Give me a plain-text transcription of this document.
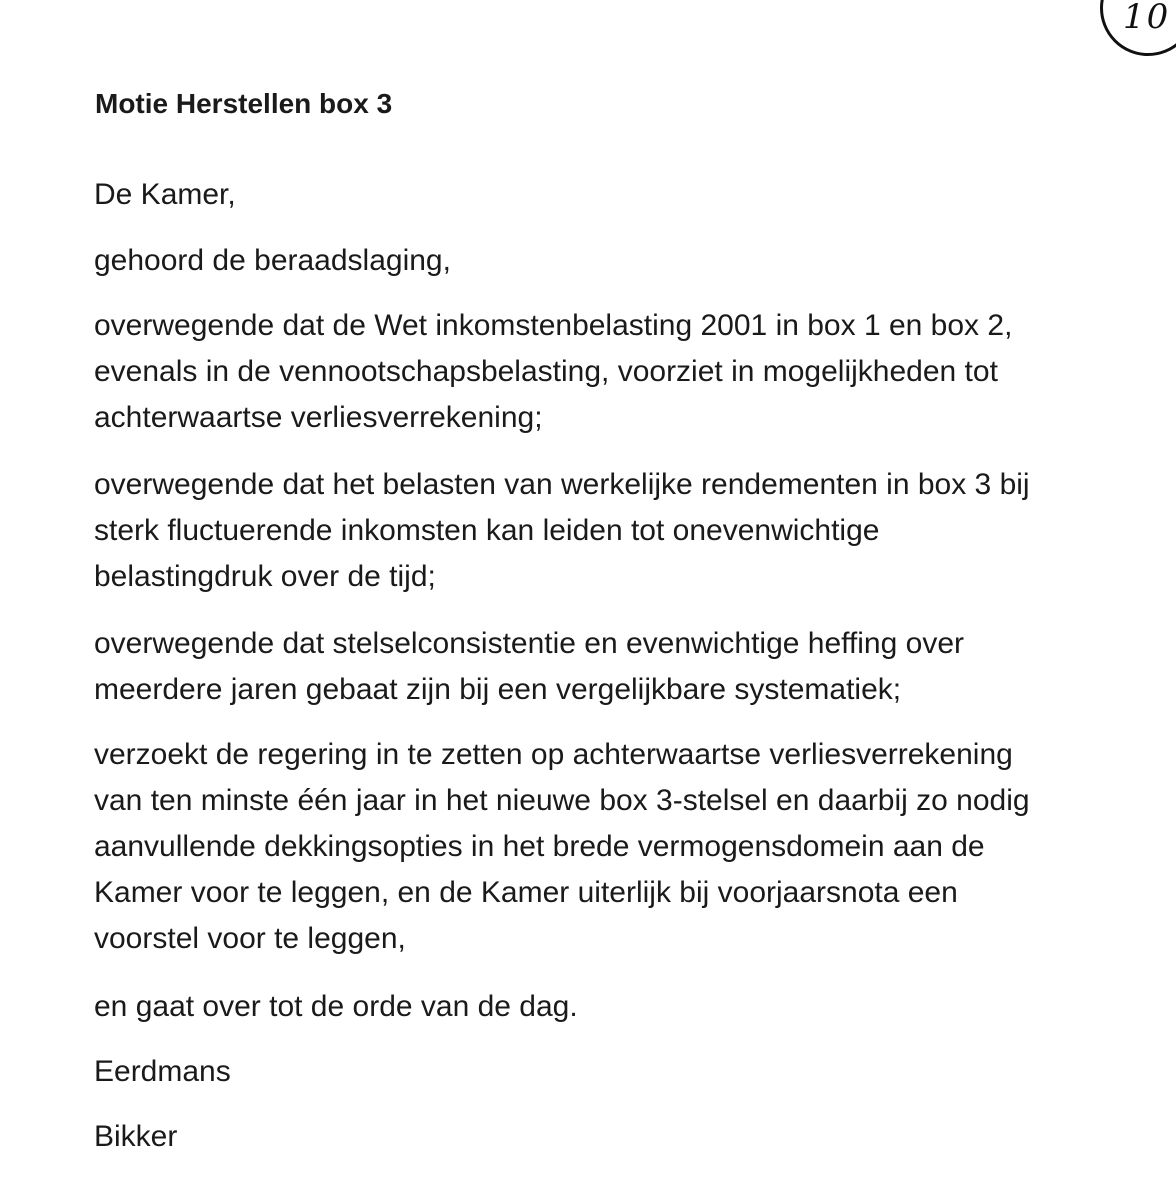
10
Motie Herstellen box 3

De Kamer,

gehoord de beraadslaging,

overwegende dat de Wet inkomstenbelasting 2001 in box 1 en box 2,
evenals in de vennootschapsbelasting, voorziet in mogelijkheden tot
achterwaartse verliesverrekening;

overwegende dat het belasten van werkelijke rendementen in box 3 bij
sterk fluctuerende inkomsten kan leiden tot onevenwichtige
belastingdruk over de tijd;

overwegende dat stelselconsistentie en evenwichtige heffing over
meerdere jaren gebaat zijn bij een vergelijkbare systematiek;

verzoekt de regering in te zetten op achterwaartse verliesverrekening
van ten minste één jaar in het nieuwe box 3-stelsel en daarbij zo nodig
aanvullende dekkingsopties in het brede vermogensdomein aan de
Kamer voor te leggen, en de Kamer uiterlijk bij voorjaarsnota een
voorstel voor te leggen,

en gaat over tot de orde van de dag.

Eerdmans

Bikker
